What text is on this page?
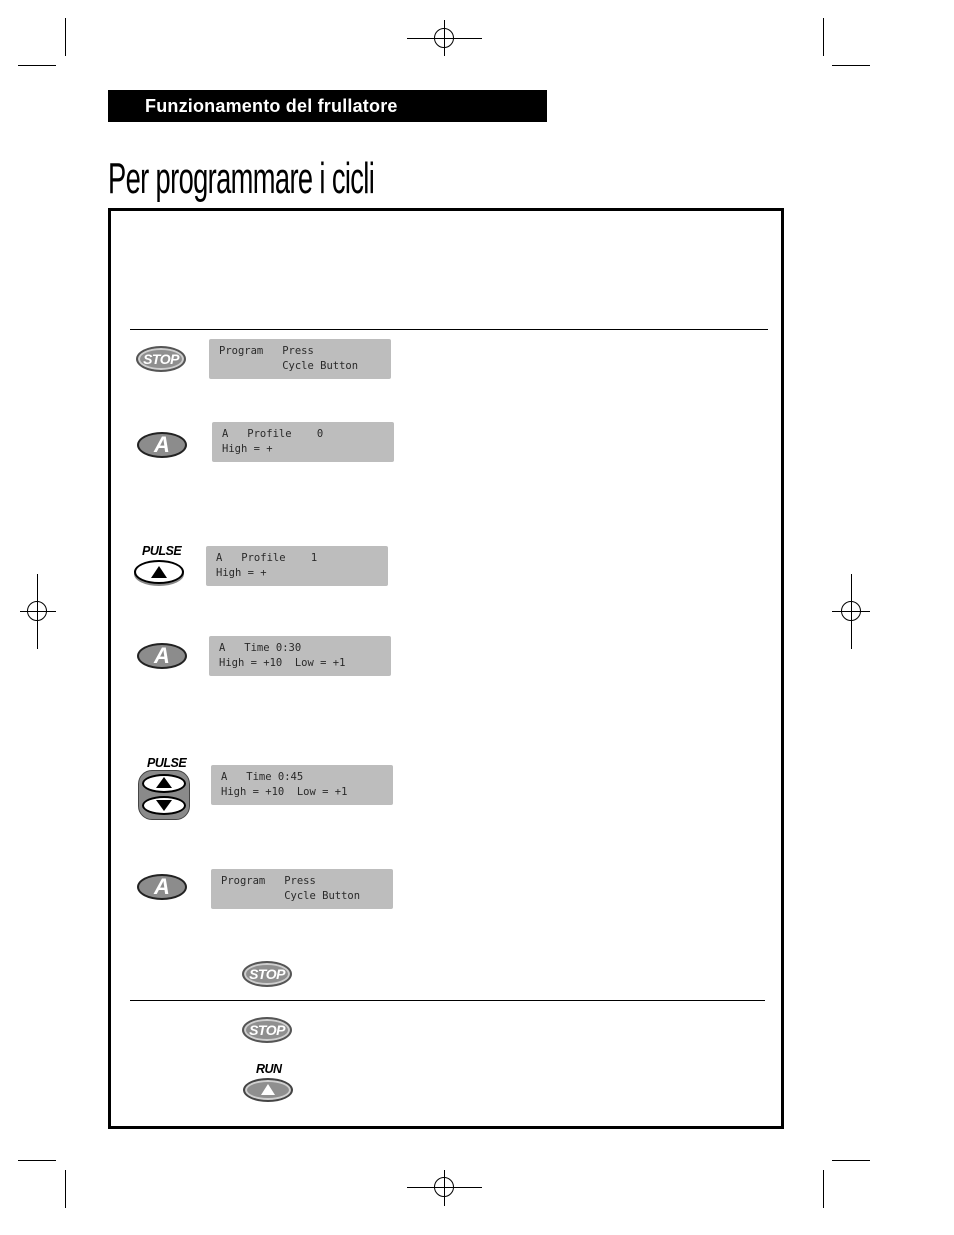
Funzionamento del frullatore
Per programmare i cicli
STOP	Program   Press
Cycle Button
A	A   Profile    0
High = +
PULSE	A   Profile    1
High = +
A	A   Time 0:30
High = +10  Low = +1
PULSE
A   Time 0:45
High = +10  Low = +1
A	Program   Press
Cycle Button
STOP
STOP
RUN
